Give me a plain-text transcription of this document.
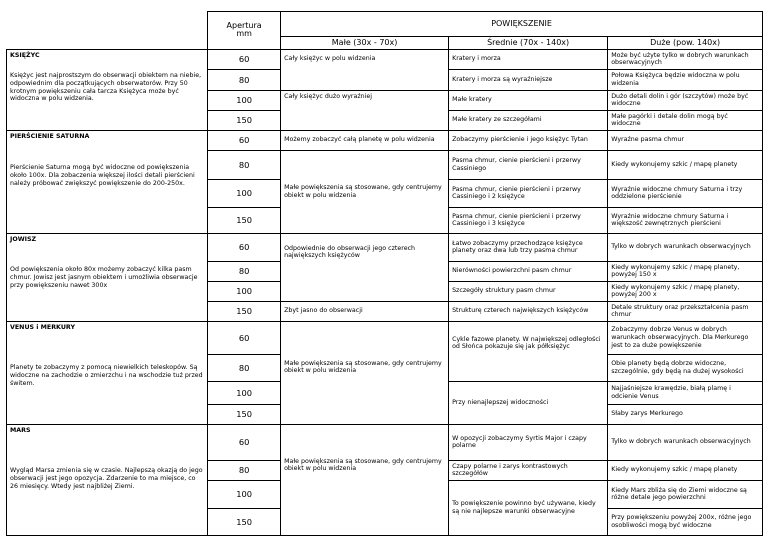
	Apertura
mm	POWIĘKSZENIE		
		Małe (30x - 70x)	Średnie (70x - 140x)	Duże (pow. 140x)

KSIĘŻYC
Księżyc jest najprostszym do obserwacji obiektem na niebie, odpowiednim dla początkujących obserwatorów. Przy 50 krotnym powiększeniu cała tarcza Księżyca może być widoczna w polu widzenia.	60	Cały księżyc w polu widzenia	Kratery i morza	Może być użyte tylko w dobrych warunkach obserwacyjnych
	80		Kratery i morza są wyraźniejsze	Połowa Księżyca będzie widoczna w polu widzenia
	100	Cały księżyc dużo wyraźniej	Małe kratery	Dużo detali dolin i gór (szczytów) może być widoczne
	150		Małe kratery ze szczegółami	Małe pagórki i detale dolin mogą być widoczne

PIERŚCIENIE SATURNA
Pierścienie Saturna mogą być widoczne od powiększenia około 100x. Dla zobaczenia większej ilości detali pierścieni należy próbować zwiększyć powiększenie do 200-250x.	60	Możemy zobaczyć całą planetę w polu widzenia	Zobaczymy pierścienie i jego księżyc Tytan	Wyraźne pasma chmur
	80	Małe powiększenia są stosowane, gdy centrujemy obiekt w polu widzenia	Pasma chmur, cienie pierścieni i przerwy Cassiniego	Kiedy wykonujemy szkic / mapę planety
	100		Pasma chmur, cienie pierścieni i przerwy Cassiniego i 2 księżyce	Wyraźnie widoczne chmury Saturna i trzy oddzielone pierścienie
	150		Pasma chmur, cienie pierścieni i przerwy Cassiniego i 3 księżyce	Wyraźnie widoczne chmury Saturna i większość zewnętrznych pierścieni

JOWISZ
Od powiększenia około 80x możemy zobaczyć kilka pasm chmur. Jowisz jest jasnym obiektem i umożliwia obserwacje przy powiększeniu nawet 300x	60	Odpowiednie do obserwacji jego czterech największych księżyców	Łatwo zobaczymy przechodzące księżyce planety oraz dwa lub trzy pasma chmur	Tylko w dobrych warunkach obserwacyjnych
	80		Nierówności powierzchni pasm chmur	Kiedy wykonujemy szkic / mapę planety, powyżej 150 x
	100		Szczegóły struktury pasm chmur	Kiedy wykonujemy szkic / mapę planety, powyżej 200 x
	150	Zbyt jasno do obserwacji	Strukturę czterech największych księżyców	Detale struktury oraz przekształcenia pasm chmur

VENUS i MERKURY
Planety te zobaczymy z pomocą niewielkich teleskopów. Są widoczne na zachodzie o zmierzchu i na wschodzie tuż przed świtem.	60	Małe powiększenia są stosowane, gdy centrujemy obiekt w polu widzenia	Cykle fazowe planety. W największej odległości od Słońca pokazuje się jak półksiężyc	Zobaczymy dobrze Venus w dobrych warunkach obserwacyjnych. Dla Merkurego jest to za duże powiększenie
	80			Obie planety będą dobrze widoczne, szczególnie, gdy będą na dużej wysokości
	100		Przy nienajlepszej widoczności	Najjaśniejsze krawędzie, białą plamę i odcienie Venus
	150			Słaby zarys Merkurego

MARS
Wygląd Marsa zmienia się w czasie. Najlepszą okazją do jego obserwacji jest jego opozycja. Zdarzenie to ma miejsce, co 26 miesięcy. Wtedy jest najbliżej Ziemi.	60	Małe powiększenia są stosowane, gdy centrujemy obiekt w polu widzenia	W opozycji zobaczymy Syrtis Major i czapy polarne	Tylko w dobrych warunkach obserwacyjnych
	80		Czapy polarne i zarys kontrastowych szczegółów	Kiedy wykonujemy szkic / mapę planety
	100		To powiększenie powinno być używane, kiedy są nie najlepsze warunki obserwacyjne	Kiedy Mars zbliża się do Ziemi widoczne są różne detale jego powierzchni
	150			Przy powiększeniu powyżej 200x, różne jego osobliwości mogą być widoczne
